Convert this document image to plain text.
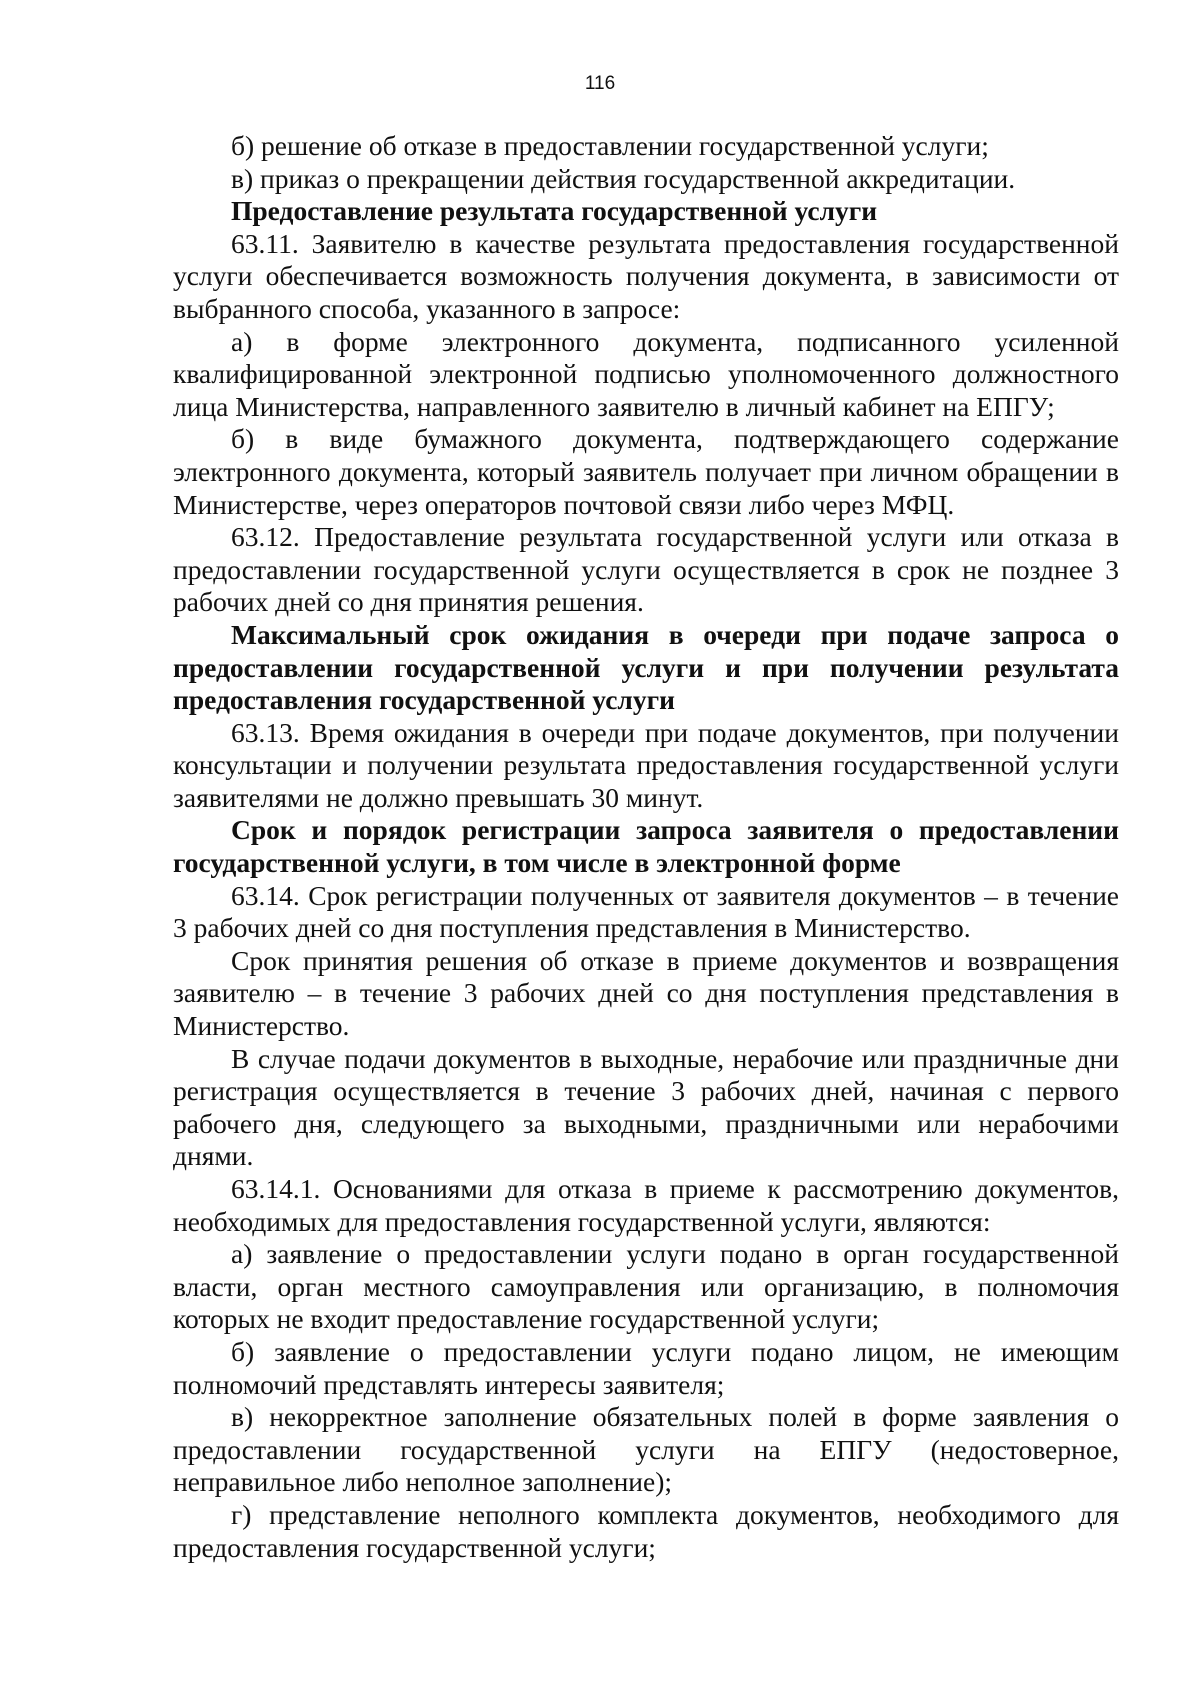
116

б) решение об отказе в предоставлении государственной услуги;

в) приказ о прекращении действия государственной аккредитации.

Предоставление результата государственной услуги

63.11. Заявителю в качестве результата предоставления государственной услуги обеспечивается возможность получения документа, в зависимости от выбранного способа, указанного в запросе:

а) в форме электронного документа, подписанного усиленной квалифицированной электронной подписью уполномоченного должностного лица Министерства, направленного заявителю в личный кабинет на ЕПГУ;

б) в виде бумажного документа, подтверждающего содержание электронного документа, который заявитель получает при личном обращении в Министерстве, через операторов почтовой связи либо через МФЦ.

63.12. Предоставление результата государственной услуги или отказа в предоставлении государственной услуги осуществляется в срок не позднее 3 рабочих дней со дня принятия решения.

Максимальный срок ожидания в очереди при подаче запроса о предоставлении государственной услуги и при получении результата предоставления государственной услуги

63.13. Время ожидания в очереди при подаче документов, при получении консультации и получении результата предоставления государственной услуги заявителями не должно превышать 30 минут.

Срок и порядок регистрации запроса заявителя о предоставлении государственной услуги, в том числе в электронной форме

63.14. Срок регистрации полученных от заявителя документов – в течение 3 рабочих дней со дня поступления представления в Министерство.

Срок принятия решения об отказе в приеме документов и возвращения заявителю – в течение 3 рабочих дней со дня поступления представления в Министерство.

В случае подачи документов в выходные, нерабочие или праздничные дни регистрация осуществляется в течение 3 рабочих дней, начиная с первого рабочего дня, следующего за выходными, праздничными или нерабочими днями.

63.14.1. Основаниями для отказа в приеме к рассмотрению документов, необходимых для предоставления государственной услуги, являются:

а) заявление о предоставлении услуги подано в орган государственной власти, орган местного самоуправления или организацию, в полномочия которых не входит предоставление государственной услуги;

б) заявление о предоставлении услуги подано лицом, не имеющим полномочий представлять интересы заявителя;

в) некорректное заполнение обязательных полей в форме заявления о предоставлении государственной услуги на ЕПГУ (недостоверное, неправильное либо неполное заполнение);

г) представление неполного комплекта документов, необходимого для предоставления государственной услуги;
